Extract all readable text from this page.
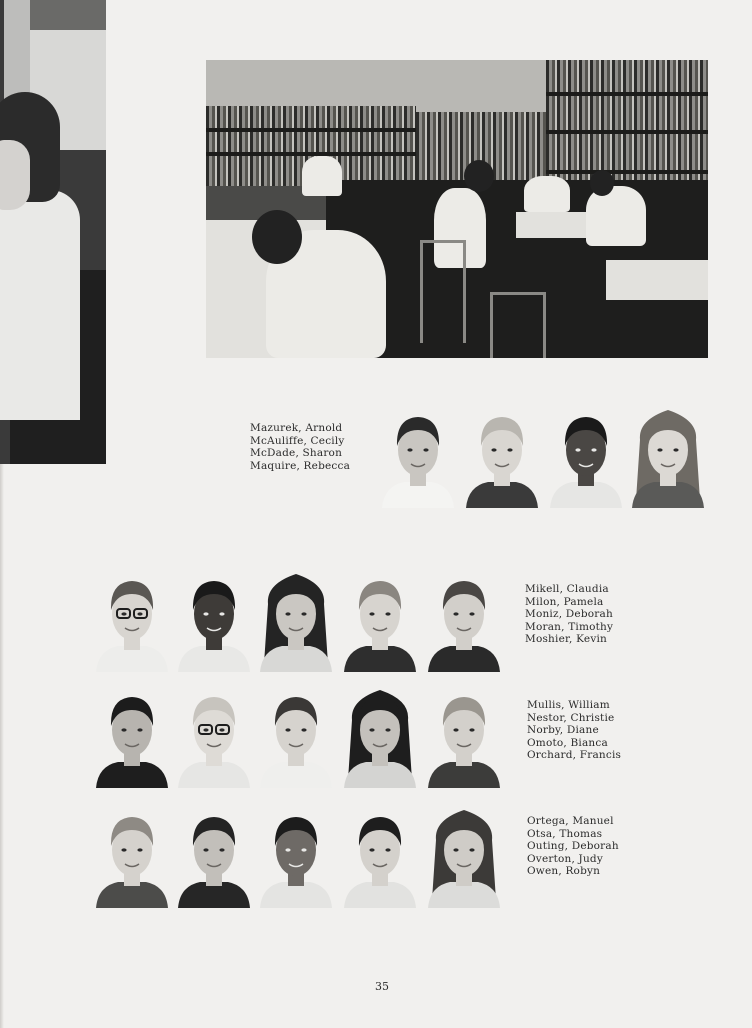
Mazurek, Arnold
McAuliffe, Cecily
McDade, Sharon
Maquire, Rebecca
Mikell, Claudia
Milon, Pamela
Moniz, Deborah
Moran, Timothy
Moshier, Kevin
Mullis, William
Nestor, Christie
Norby, Diane
Omoto, Bianca
Orchard, Francis
Ortega, Manuel
Otsa, Thomas
Outing, Deborah
Overton, Judy
Owen, Robyn
35
